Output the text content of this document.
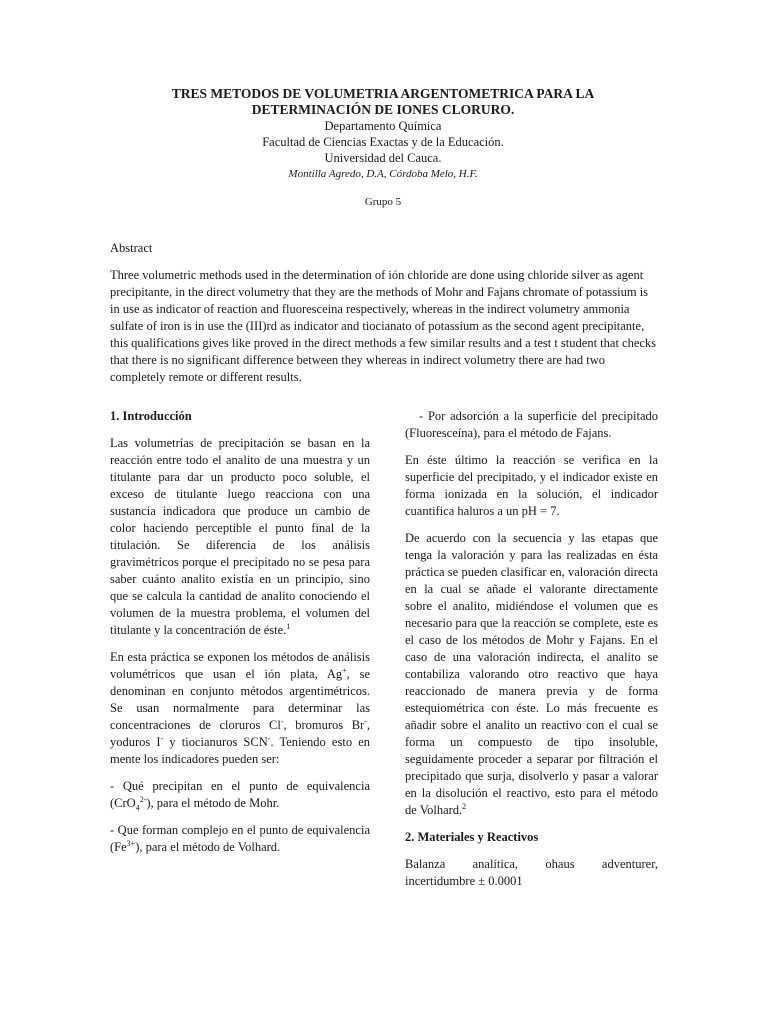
TRES METODOS DE VOLUMETRIA ARGENTOMETRICA PARA LA

DETERMINACIÓN DE IONES CLORURO.

Departamento Química
Facultad de Ciencias Exactas y de la Educación.
Universidad del Cauca.
Montilla Agredo, D.A, Córdoba Melo, H.F.
Grupo 5

Abstract

Three volumetric methods used in the determination of ión chloride are done using chloride silver as agent precipitante, in the direct volumetry that they are the methods of Mohr and Fajans chromate of potassium is in use as indicator of reaction and fluoresceina respectively, whereas in the indirect volumetry ammonia sulfate of iron is in use the (III)rd as indicator and tiocianato of potassium as the second agent precipitante, this qualifications gives like proved in the direct methods a few similar results and a test t student that checks that there is no significant difference between they whereas in indirect volumetry there are had two completely remote or different results.

1. Introducción

Las volumetrías de precipitación se basan en la reacción entre todo el analito de una muestra y un titulante para dar un producto poco soluble, el exceso de titulante luego reacciona con una sustancia indicadora que produce un cambio de color haciendo perceptible el punto final de la titulación. Se diferencia de los análisis gravimétricos porque el precipitado no se pesa para saber cuánto analito existía en un principio, sino que se calcula la cantidad de analito conociendo el volumen de la muestra problema, el volumen del titulante y la concentración de éste.$^1$

En esta práctica se exponen los métodos de análisis volumétricos que usan el ión plata, Ag+, se denominan en conjunto métodos argentimétricos. Se usan normalmente para determinar las concentraciones de cloruros Cl-, bromuros Br-, yoduros I- y tiocianuros SCN-. Teniendo esto en mente los indicadores pueden ser:

- Qué precipitan en el punto de equivalencia (CrO$_4^{2-}$), para el método de Mohr.

- Que forman complejo en el punto de equivalencia $(Fe^{3+})$, para el método de Volhard.

- Por adsorción a la superficie del precipitado (Fluoresceína), para el método de Fajans.

En éste último la reacción se verifica en la superficie del precipitado, y el indicador existe en forma ionizada en la solución, el indicador cuantifica haluros a un pH = 7.

De acuerdo con la secuencia y las etapas que tenga la valoración y para las realizadas en ésta práctica se pueden clasificar en, valoración directa en la cual se añade el valorante directamente sobre el analito, midiéndose el volumen que es necesario para que la reacción se complete, este es el caso de los métodos de Mohr y Fajans. En el caso de una valoración indirecta, el analito se contabiliza valorando otro reactivo que haya reaccionado de manera previa y de forma estequiométrica con éste. Lo más frecuente es añadir sobre el analito un reactivo con el cual se forma un compuesto de tipo insoluble, seguidamente proceder a separar por filtración el precipitado que surja, disolverlo y pasar a valorar en la disolución el reactivo, esto para el método de Volhard.$^2$

2. Materiales y Reactivos

Balanza analítica, ohaus adventurer, incertidumbre ± 0.0001
